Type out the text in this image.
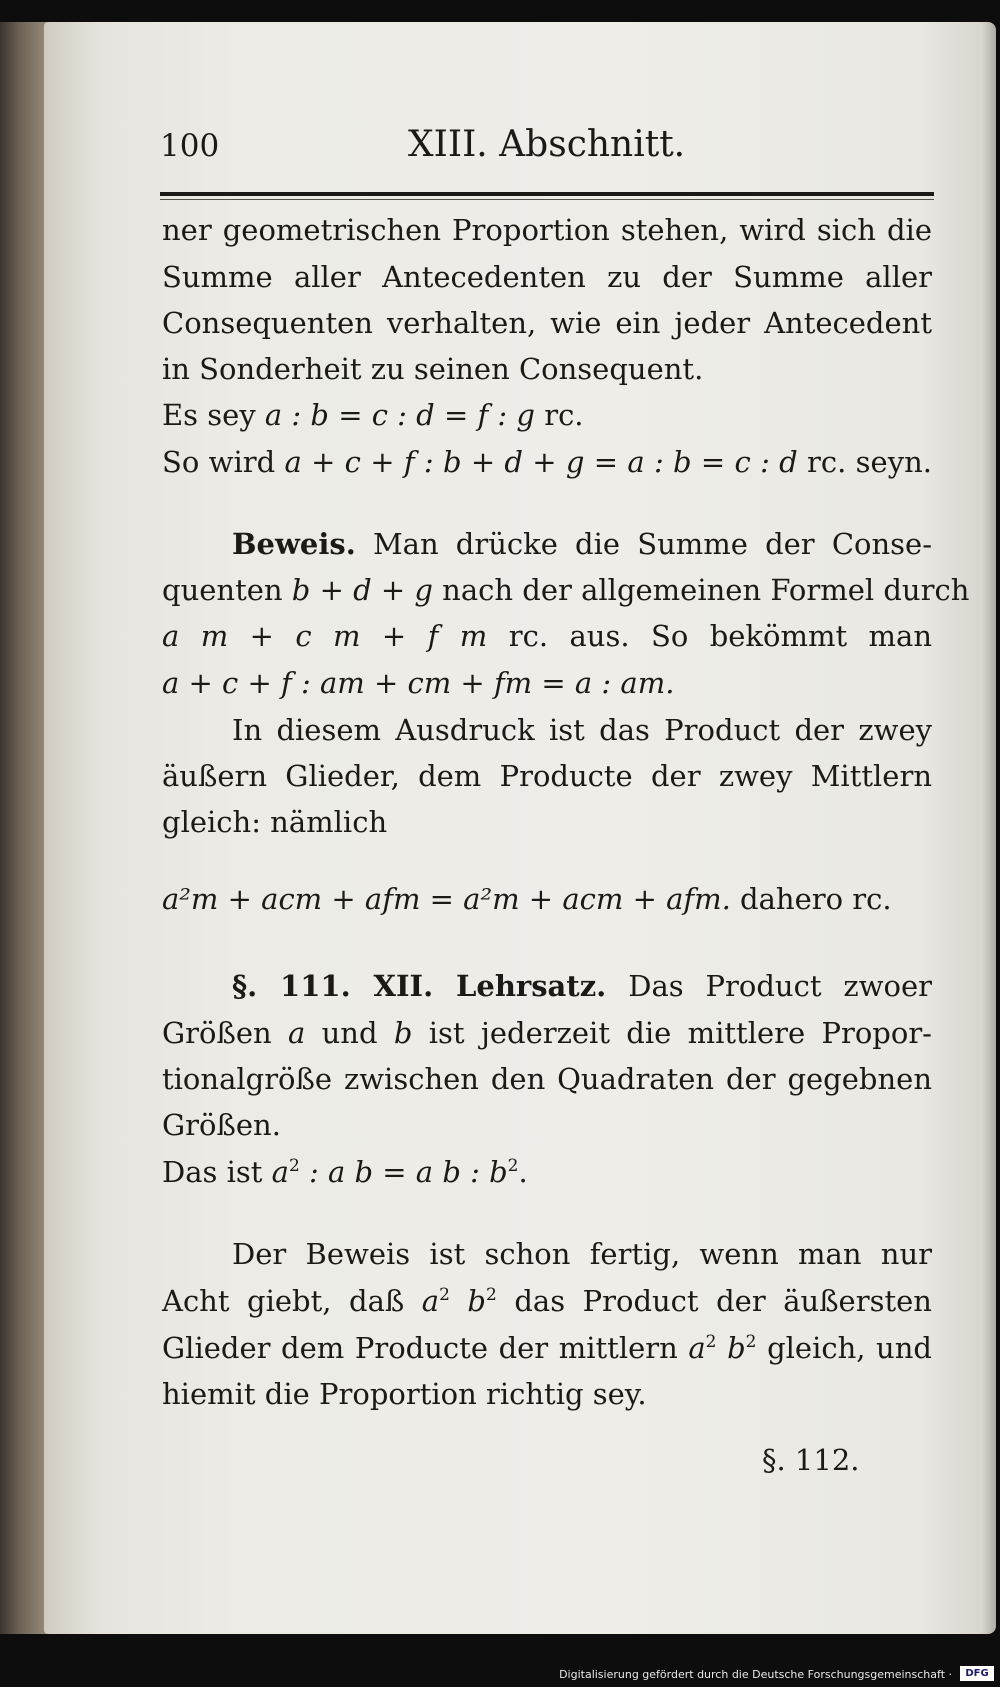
100	XIII. Abschnitt.

ner geometrischen Proportion stehen, wird sich die

Summe aller Antecedenten zu der Summe aller

Consequenten verhalten, wie ein jeder Antecedent

in Sonderheit zu seinen Consequent.

Es sey a : b = c : d = f : g rc.

So wird a + c + f : b + d + g = a : b = c : d rc. seyn.

Beweis. Man drücke die Summe der Conse-

quenten b + d + g nach der allgemeinen Formel durch

a m + c m + f m rc. aus. So bekömmt man

a + c + f : am + cm + fm = a : am.

In diesem Ausdruck ist das Product der zwey

äußern Glieder, dem Producte der zwey Mittlern

gleich: nämlich

a²m + acm + afm = a²m + acm + afm. dahero rc.

§. 111. XII. Lehrsatz. Das Product zwoer

Größen a und b ist jederzeit die mittlere Propor-

tionalgröße zwischen den Quadraten der gegebnen

Größen.

Das ist $a^2$ : a b = a b : $b^2$.

Der Beweis ist schon fertig, wenn man nur

Acht giebt, daß $a^2$ $b^2$ das Product der äußersten

Glieder dem Producte der mittlern $a^2$ $b^2$ gleich, und

hiemit die Proportion richtig sey.

§. 112.
Digitalisierung gefördert durch die Deutsche Forschungsgemeinschaft ·	DFG
